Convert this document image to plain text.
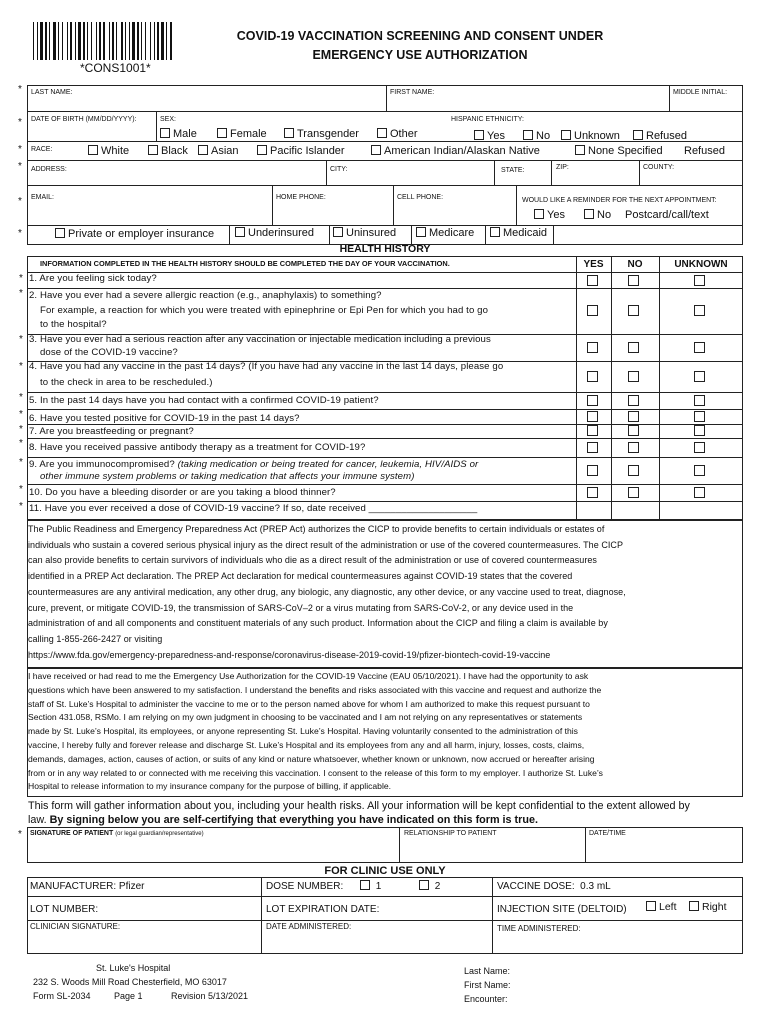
*CONS1001*
COVID-19 VACCINATION SCREENING AND CONSENT UNDER
EMERGENCY USE AUTHORIZATION
* LAST NAME:	FIRST NAME:	MIDDLE INITIAL:
* DATE OF BIRTH (MM/DD/YYYY):	SEX:	HISPANIC ETHNICITY:
Male	Female	Transgender	Other	Yes	No	Unknown	Refused
* RACE:	White	Black	Asian	Pacific Islander	American Indian/Alaskan Native	None Specified Refused
* ADDRESS:	CITY:	STATE:	ZIP:	COUNTY:
* EMAIL:	HOME PHONE:	CELL PHONE:	WOULD LIKE A REMINDER FOR THE NEXT APPOINTMENT:
Yes	No Postcard/call/text
*	Private or employer insurance	Underinsured	Uninsured	Medicare	Medicaid
HEALTH HISTORY
INFORMATION COMPLETED IN THE HEALTH HISTORY SHOULD BE COMPLETED THE DAY OF YOUR VACCINATION.	YES	NO	UNKNOWN
* 1. Are you feeling sick today?
* 2. Have you ever had a severe allergic reaction (e.g., anaphylaxis) to something?
For example, a reaction for which you were treated with epinephrine or Epi Pen for which you had to go
to the hospital?
* 3. Have you ever had a serious reaction after any vaccination or injectable medication including a previous
dose of the COVID-19 vaccine?
* 4. Have you had any vaccine in the past 14 days? (If you have had any vaccine in the last 14 days, please go
to the check in area to be rescheduled.)
* 5. In the past 14 days have you had contact with a confirmed COVID-19 patient?
* 6. Have you tested positive for COVID-19 in the past 14 days?
* 7. Are you breastfeeding or pregnant?
* 8. Have you received passive antibody therapy as a treatment for COVID-19?
* 9. Are you immunocompromised? (taking medication or being treated for cancer, leukemia, HIV/AIDS or
other immune system problems or taking medication that affects your immune system)
* 10. Do you have a bleeding disorder or are you taking a blood thinner?
* 11. Have you ever received a dose of COVID-19 vaccine? If so, date received ____________________
The Public Readiness and Emergency Preparedness Act (PREP Act) authorizes the CICP to provide benefits to certain individuals or estates of
individuals who sustain a covered serious physical injury as the direct result of the administration or use of the covered countermeasures. The CICP
can also provide benefits to certain survivors of individuals who die as a direct result of the administration or use of covered countermeasures
identified in a PREP Act declaration. The PREP Act declaration for medical countermeasures against COVID-19 states that the covered
countermeasures are any antiviral medication, any other drug, any biologic, any diagnostic, any other device, or any vaccine used to treat, diagnose,
cure, prevent, or mitigate COVID-19, the transmission of SARS-CoV–2 or a virus mutating from SARS-CoV-2, or any device used in the
administration of and all components and constituent materials of any such product. Information about the CICP and filing a claim is available by
calling 1-855-266-2427 or visiting
https://www.fda.gov/emergency-preparedness-and-response/coronavirus-disease-2019-covid-19/pfizer-biontech-covid-19-vaccine
I have received or had read to me the Emergency Use Authorization for the COVID-19 Vaccine (EAU 05/10/2021). I have had the opportunity to ask
questions which have been answered to my satisfaction. I understand the benefits and risks associated with this vaccine and request and authorize the
staff of St. Luke’s Hospital to administer the vaccine to me or to the person named above for whom I am authorized to make this request pursuant to
Section 431.058, RSMo. I am relying on my own judgment in choosing to be vaccinated and I am not relying on any representatives or statements
made by St. Luke’s Hospital, its employees, or anyone representing St. Luke’s Hospital. Having voluntarily consented to the administration of this
vaccine, I hereby fully and forever release and discharge St. Luke’s Hospital and its employees from any and all harm, injury, losses, costs, claims,
demands, damages, action, causes of action, or suits of any kind or nature whatsoever, whether known or unknown, now accrued or hereafter arising
from or in any way related to or connected with me receiving this vaccination. I consent to the release of this form to my employer. I authorize St. Luke’s
Hospital to release information to my insurance company for the purpose of billing, if applicable.
This form will gather information about you, including your health risks. All your information will be kept confidential to the extent allowed by
law. By signing below you are self-certifying that everything you have indicated on this form is true.
* SIGNATURE OF PATIENT (or legal guardian/representative)	RELATIONSHIP TO PATIENT	DATE/TIME
FOR CLINIC USE ONLY
MANUFACTURER: Pfizer	DOSE NUMBER:	1	2	VACCINE DOSE: 0.3 mL
LOT NUMBER:	LOT EXPIRATION DATE:	INJECTION SITE (DELTOID)	Left	Right
CLINICIAN SIGNATURE:	DATE ADMINISTERED:	TIME ADMINISTERED:
St. Luke's Hospital
232 S. Woods Mill Road Chesterfield, MO 63017
Form SL-2034	Page 1	Revision 5/13/2021
Last Name:
First Name:
Encounter:
